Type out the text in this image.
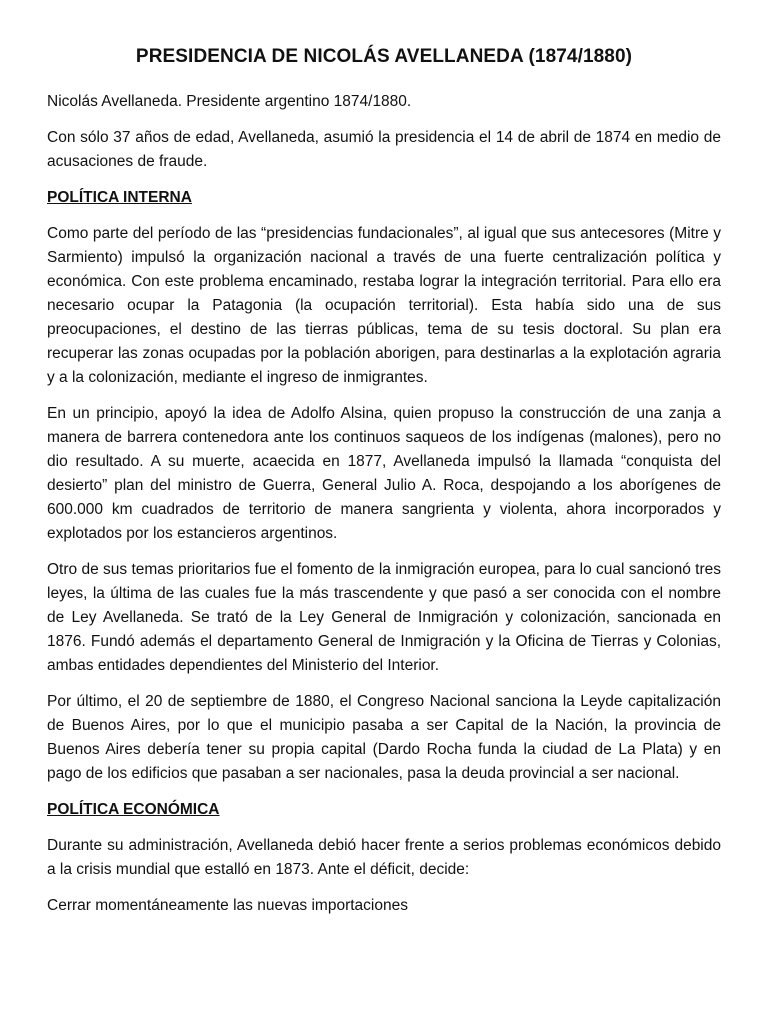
PRESIDENCIA DE NICOLÁS AVELLANEDA (1874/1880)

Nicolás Avellaneda. Presidente argentino 1874/1880.

Con sólo 37 años de edad, Avellaneda, asumió la presidencia el 14 de abril de 1874 en medio de acusaciones de fraude.

POLÍTICA INTERNA

Como parte del período de las “presidencias fundacionales”, al igual que sus antecesores (Mitre y Sarmiento) impulsó la organización nacional a través de una fuerte centralización política y económica. Con este problema encaminado, restaba lograr la integración territorial. Para ello era necesario ocupar la Patagonia (la ocupación territorial). Esta había sido una de sus preocupaciones, el destino de las tierras públicas, tema de su tesis doctoral. Su plan era recuperar las zonas ocupadas por la población aborigen, para destinarlas a la explotación agraria y a la colonización, mediante el ingreso de inmigrantes.

En un principio, apoyó la idea de Adolfo Alsina, quien propuso la construcción de una zanja a manera de barrera contenedora ante los continuos saqueos de los indígenas (malones), pero no dio resultado. A su muerte, acaecida en 1877, Avellaneda impulsó la llamada “conquista del desierto” plan del ministro de Guerra, General Julio A. Roca, despojando a los aborígenes de 600.000 km cuadrados de territorio de manera sangrienta y violenta, ahora incorporados y explotados por los estancieros argentinos.

Otro de sus temas prioritarios fue el fomento de la inmigración europea, para lo cual sancionó tres leyes, la última de las cuales fue la más trascendente y que pasó a ser conocida con el nombre de Ley Avellaneda. Se trató de la Ley General de Inmigración y colonización, sancionada en 1876. Fundó además el departamento General de Inmigración y la Oficina de Tierras y Colonias, ambas entidades dependientes del Ministerio del Interior.

Por último, el 20 de septiembre de 1880, el Congreso Nacional sanciona la Leyde capitalización de Buenos Aires, por lo que el municipio pasaba a ser Capital de la Nación, la provincia de Buenos Aires debería tener su propia capital (Dardo Rocha funda la ciudad de La Plata) y en pago de los edificios que pasaban a ser nacionales, pasa la deuda provincial a ser nacional.

POLÍTICA ECONÓMICA

Durante su administración, Avellaneda debió hacer frente a serios problemas económicos debido a la crisis mundial que estalló en 1873. Ante el déficit, decide:

Cerrar momentáneamente las nuevas importaciones
